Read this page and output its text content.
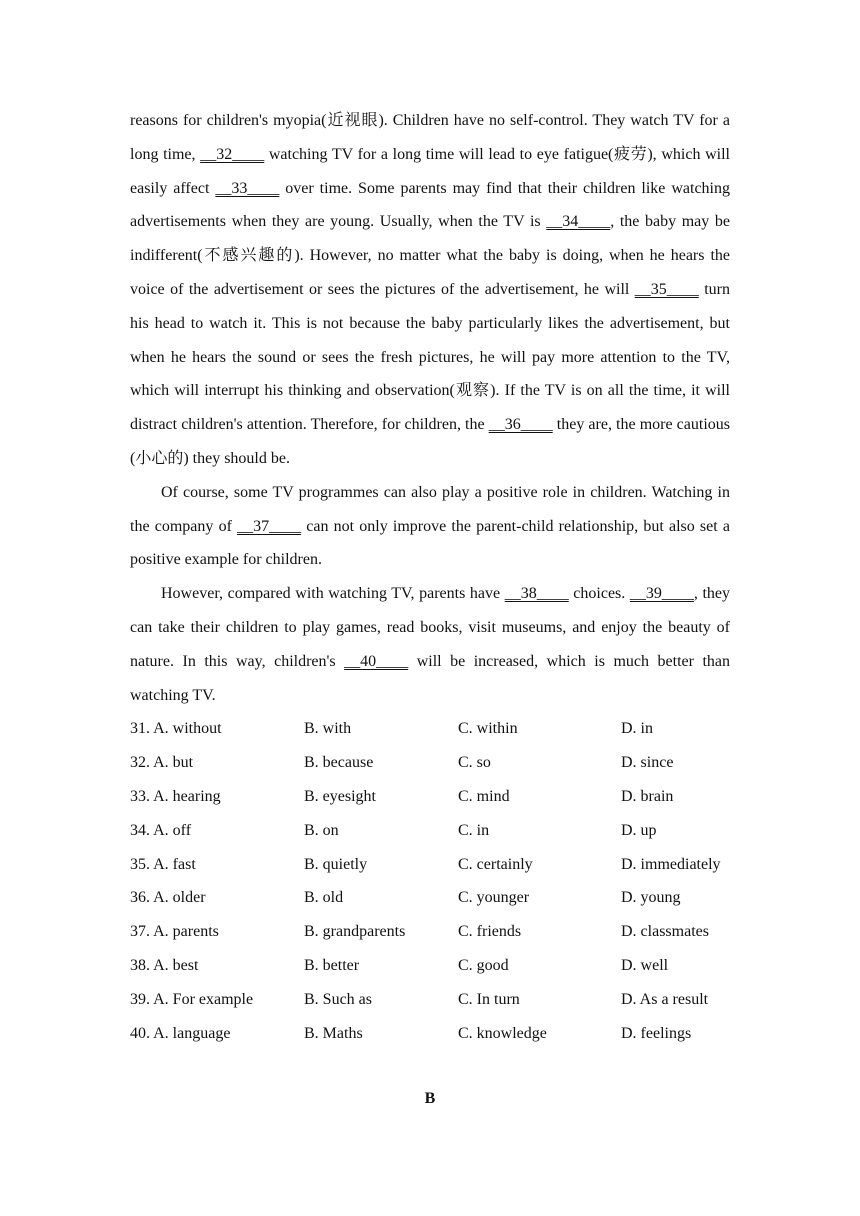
reasons for children's myopia(近视眼). Children have no self-control. They watch TV for a long time, __32____ watching TV for a long time will lead to eye fatigue(疲劳), which will easily affect __33____ over time. Some parents may find that their children like watching advertisements when they are young. Usually, when the TV is __34____, the baby may be indifferent(不感兴趣的). However, no matter what the baby is doing, when he hears the voice of the advertisement or sees the pictures of the advertisement, he will __35____ turn his head to watch it. This is not because the baby particularly likes the advertisement, but when he hears the sound or sees the fresh pictures, he will pay more attention to the TV, which will interrupt his thinking and observation(观察). If the TV is on all the time, it will distract children's attention. Therefore, for children, the __36____ they are, the more cautious (小心的) they should be.

Of course, some TV programmes can also play a positive role in children. Watching in the company of __37____ can not only improve the parent-child relationship, but also set a positive example for children.

However, compared with watching TV, parents have __38____ choices. __39____, they can take their children to play games, read books, visit museums, and enjoy the beauty of nature. In this way, children's __40____ will be increased, which is much better than watching TV.

31. A. without	B. with	C. within	D. in
32. A. but	B. because	C. so	D. since
33. A. hearing	B. eyesight	C. mind	D. brain
34. A. off	B. on	C. in	D. up
35. A. fast	B. quietly	C. certainly	D. immediately
36. A. older	B. old	C. younger	D. young
37. A. parents	B. grandparents	C. friends	D. classmates
38. A. best	B. better	C. good	D. well
39. A. For example	B. Such as	C. In turn	D. As a result
40. A. language	B. Maths	C. knowledge	D. feelings
B
